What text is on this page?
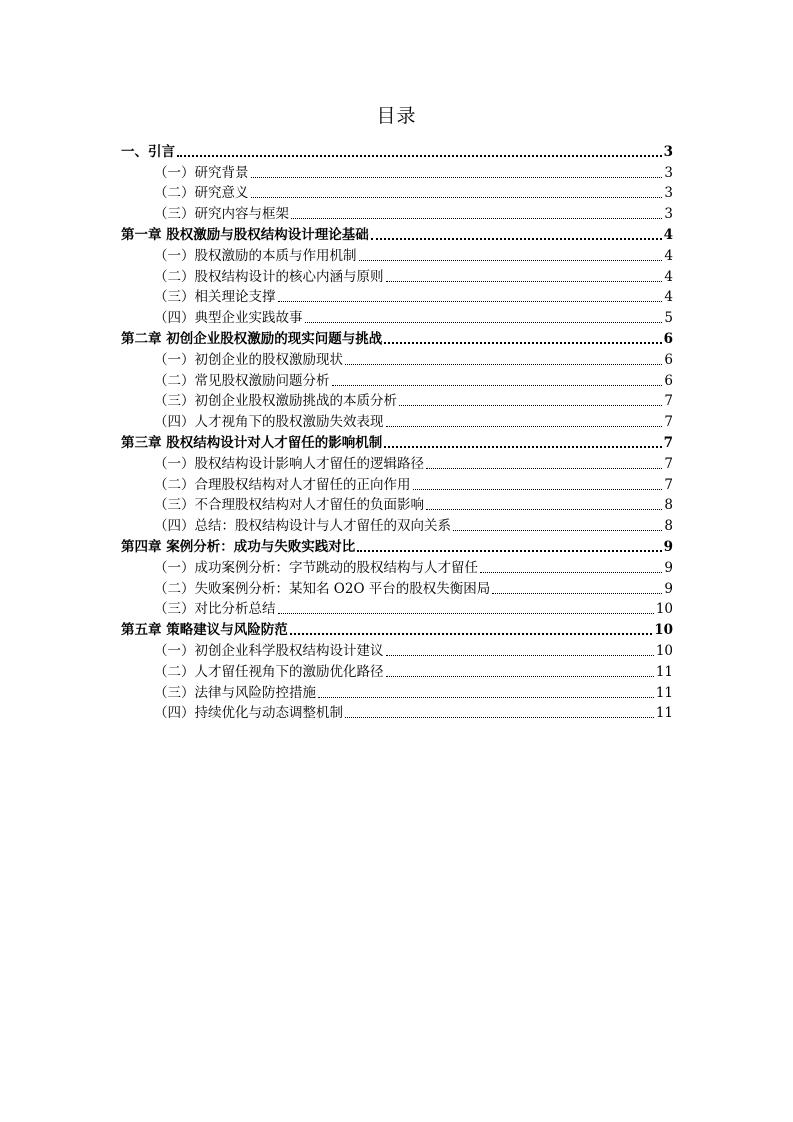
目录
一、引言	3
（一）研究背景	3
（二）研究意义	3
（三）研究内容与框架	3
第一章 股权激励与股权结构设计理论基础	4
（一）股权激励的本质与作用机制	4
（二）股权结构设计的核心内涵与原则	4
（三）相关理论支撑	4
（四）典型企业实践故事	5
第二章 初创企业股权激励的现实问题与挑战	6
（一）初创企业的股权激励现状	6
（二）常见股权激励问题分析	6
（三）初创企业股权激励挑战的本质分析	7
（四）人才视角下的股权激励失效表现	7
第三章 股权结构设计对人才留任的影响机制	7
（一）股权结构设计影响人才留任的逻辑路径	7
（二）合理股权结构对人才留任的正向作用	7
（三）不合理股权结构对人才留任的负面影响	8
（四）总结：股权结构设计与人才留任的双向关系	8
第四章 案例分析：成功与失败实践对比	9
（一）成功案例分析：字节跳动的股权结构与人才留任	9
（二）失败案例分析：某知名 O2O 平台的股权失衡困局	9
（三）对比分析总结	10
第五章 策略建议与风险防范	10
（一）初创企业科学股权结构设计建议	10
（二）人才留任视角下的激励优化路径	11
（三）法律与风险防控措施	11
（四）持续优化与动态调整机制	11
